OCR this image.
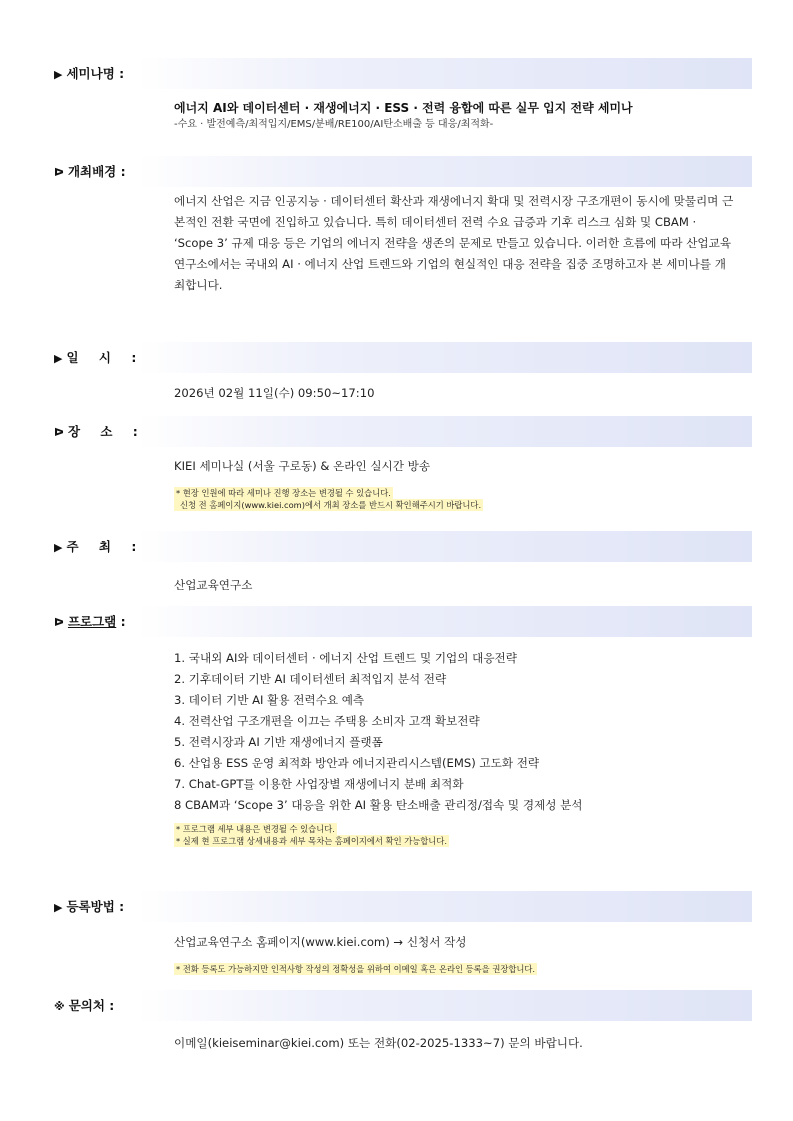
▶ 세미나명 :
에너지 AI와 데이터센터 · 재생에너지 · ESS · 전력 융합에 따른 실무 입지 전략 세미나
-수요 · 발전예측/최적입지/EMS/분배/RE100/AI탄소배출 등 대응/최적화-
ᐅ 개최배경 :
에너지 산업은 지금 인공지능 · 데이터센터 확산과 재생에너지 확대 및 전력시장 구조개편이 동시에 맞물리며 근본적인 전환 국면에 진입하고 있습니다. 특히 데이터센터 전력 수요 급증과 기후 리스크 심화 및 CBAM · ‘Scope 3’ 규제 대응 등은 기업의 에너지 전략을 생존의 문제로 만들고 있습니다. 이러한 흐름에 따라 산업교육연구소에서는 국내외 AI · 에너지 산업 트렌드와 기업의 현실적인 대응 전략을 집중 조명하고자 본 세미나를 개최합니다.
▶ 일 시 :
2026년 02월 11일(수) 09:50~17:10
ᐅ 장 소 :
KIEI 세미나실 (서울 구로동) & 온라인 실시간 방송
* 현장 인원에 따라 세미나 진행 장소는 변경될 수 있습니다.
신청 전 홈페이지(www.kiei.com)에서 개최 장소를 반드시 확인해주시기 바랍니다.
▶ 주 최 :
산업교육연구소
ᐅ 프로그램 :
1. 국내외 AI와 데이터센터 · 에너지 산업 트렌드 및 기업의 대응전략
2. 기후데이터 기반 AI 데이터센터 최적입지 분석 전략
3. 데이터 기반 AI 활용 전력수요 예측
4. 전력산업 구조개편을 이끄는 주택용 소비자 고객 확보전략
5. 전력시장과 AI 기반 재생에너지 플랫폼
6. 산업용 ESS 운영 최적화 방안과 에너지관리시스템(EMS) 고도화 전략
7. Chat-GPT를 이용한 사업장별 재생에너지 분배 최적화
8 CBAM과 ‘Scope 3’ 대응을 위한 AI 활용 탄소배출 관리정/접속 및 경제성 분석
* 프로그램 세부 내용은 변경될 수 있습니다.
* 실제 현 프로그램 상세내용과 세부 목차는 홈페이지에서 확인 가능합니다.
▶ 등록방법 :
산업교육연구소 홈페이지(www.kiei.com) → 신청서 작성
* 전화 등록도 가능하지만 인적사항 작성의 정확성을 위하여 이메일 혹은 온라인 등록을 권장합니다.
※ 문의처 :
이메일(kieiseminar@kiei.com) 또는 전화(02-2025-1333~7) 문의 바랍니다.
